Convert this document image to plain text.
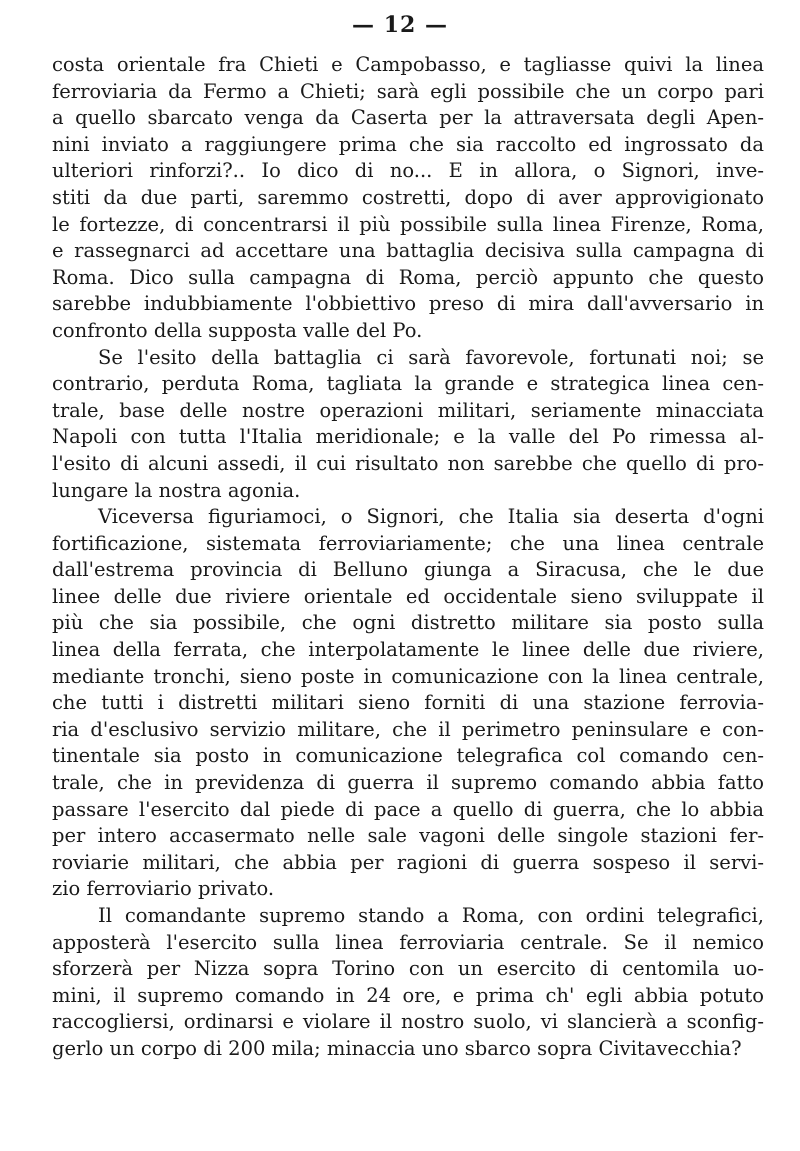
— 12 —
costa orientale fra Chieti e Campobasso, e tagliasse quivi la linea
ferroviaria da Fermo a Chieti; sarà egli possibile che un corpo pari
a quello sbarcato venga da Caserta per la attraversata degli Apen-
nini inviato a raggiungere prima che sia raccolto ed ingrossato da
ulteriori rinforzi?.. Io dico di no... E in allora, o Signori, inve-
stiti da due parti, saremmo costretti, dopo di aver approvigionato
le fortezze, di concentrarsi il più possibile sulla linea Firenze, Roma,
e rassegnarci ad accettare una battaglia decisiva sulla campagna di
Roma. Dico sulla campagna di Roma, perciò appunto che questo
sarebbe indubbiamente l'obbiettivo preso di mira dall'avversario in
confronto della supposta valle del Po.
Se l'esito della battaglia ci sarà favorevole, fortunati noi; se
contrario, perduta Roma, tagliata la grande e strategica linea cen-
trale, base delle nostre operazioni militari, seriamente minacciata
Napoli con tutta l'Italia meridionale; e la valle del Po rimessa al-
l'esito di alcuni assedi, il cui risultato non sarebbe che quello di pro-
lungare la nostra agonia.
Viceversa figuriamoci, o Signori, che Italia sia deserta d'ogni
fortificazione, sistemata ferroviariamente; che una linea centrale
dall'estrema provincia di Belluno giunga a Siracusa, che le due
linee delle due riviere orientale ed occidentale sieno sviluppate il
più che sia possibile, che ogni distretto militare sia posto sulla
linea della ferrata, che interpolatamente le linee delle due riviere,
mediante tronchi, sieno poste in comunicazione con la linea centrale,
che tutti i distretti militari sieno forniti di una stazione ferrovia-
ria d'esclusivo servizio militare, che il perimetro peninsulare e con-
tinentale sia posto in comunicazione telegrafica col comando cen-
trale, che in previdenza di guerra il supremo comando abbia fatto
passare l'esercito dal piede di pace a quello di guerra, che lo abbia
per intero accasermato nelle sale vagoni delle singole stazioni fer-
roviarie militari, che abbia per ragioni di guerra sospeso il servi-
zio ferroviario privato.
Il comandante supremo stando a Roma, con ordini telegrafici,
apposterà l'esercito sulla linea ferroviaria centrale. Se il nemico
sforzerà per Nizza sopra Torino con un esercito di centomila uo-
mini, il supremo comando in 24 ore, e prima ch' egli abbia potuto
raccogliersi, ordinarsi e violare il nostro suolo, vi slancierà a sconfig-
gerlo un corpo di 200 mila; minaccia uno sbarco sopra Civitavecchia?
